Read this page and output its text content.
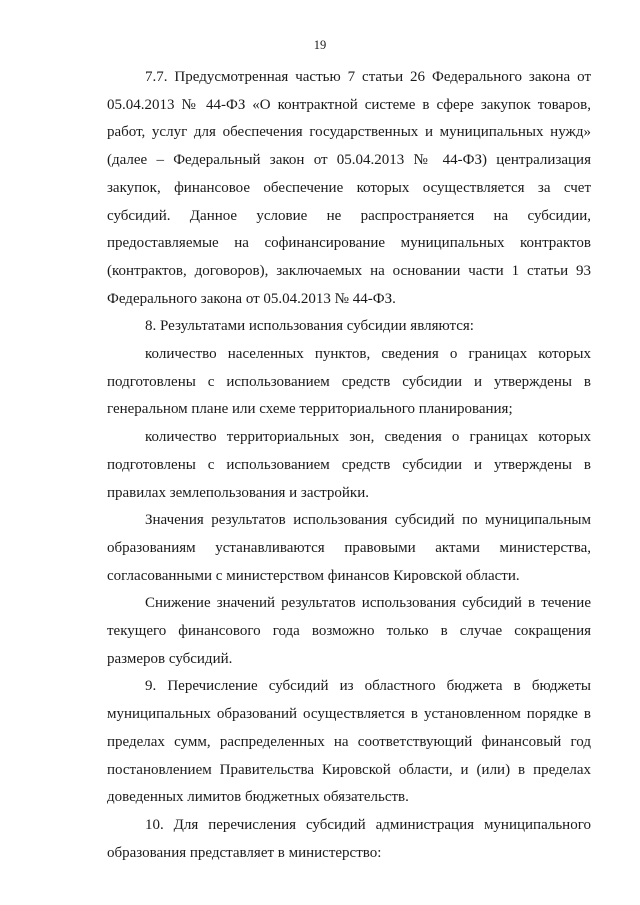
19

7.7. Предусмотренная частью 7 статьи 26 Федерального закона от 05.04.2013 № 44-ФЗ «О контрактной системе в сфере закупок товаров, работ, услуг для обеспечения государственных и муниципальных нужд» (далее – Федеральный закон от 05.04.2013 № 44-ФЗ) централизация закупок, финансовое обеспечение которых осуществляется за счет субсидий. Данное условие не распространяется на субсидии, предоставляемые на софинансирование муниципальных контрактов (контрактов, договоров), заключаемых на основании части 1 статьи 93 Федерального закона от 05.04.2013 № 44-ФЗ.

8. Результатами использования субсидии являются:

количество населенных пунктов, сведения о границах которых подготовлены с использованием средств субсидии и утверждены в генеральном плане или схеме территориального планирования;

количество территориальных зон, сведения о границах которых подготовлены с использованием средств субсидии и утверждены в правилах землепользования и застройки.

Значения результатов использования субсидий по муниципальным образованиям устанавливаются правовыми актами министерства, согласованными с министерством финансов Кировской области.

Снижение значений результатов использования субсидий в течение текущего финансового года возможно только в случае сокращения размеров субсидий.

9. Перечисление субсидий из областного бюджета в бюджеты муниципальных образований осуществляется в установленном порядке в пределах сумм, распределенных на соответствующий финансовый год постановлением Правительства Кировской области, и (или) в пределах доведенных лимитов бюджетных обязательств.

10. Для перечисления субсидий администрация муниципального образования представляет в министерство:
